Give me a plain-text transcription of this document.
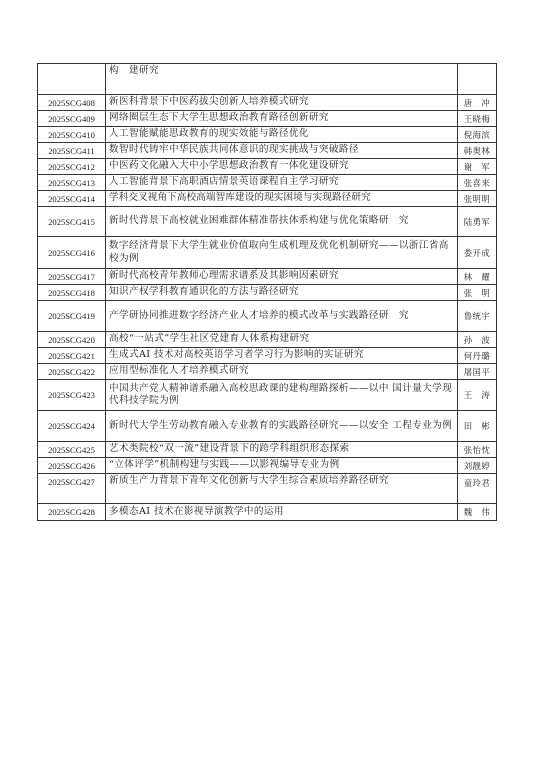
	构　建研究	
2025SCG408	新医科背景下中医药拔尖创新人培养模式研究	唐　冲
2025SCG409	网络圈层生态下大学生思想政治教育路径创新研究	王晓梅
2025SCG410	人工智能赋能思政教育的现实效能与路径优化	倪海滨
2025SCG411	数智时代铸牢中华民族共同体意识的现实挑战与突破路径	韩奥林
2025SCG412	中医药文化融入大中小学思想政治教育一体化建设研究	谢　军
2025SCG413	人工智能背景下高职酒店情景英语课程自主学习研究	张喜来
2025SCG414	学科交叉视角下高校高端智库建设的现实困境与实现路径研究	张明明
2025SCG415	新时代背景下高校就业困难群体精准帮扶体系构建与优化策略研　究	陆勇军
2025SCG416	数字经济背景下大学生就业价值取向生成机理及优化机制研究——以浙江省高校为例	娄开成
2025SCG417	新时代高校青年教师心理需求谱系及其影响因素研究	林　耀
2025SCG418	知识产权学科教育通识化的方法与路径研究	张　明
2025SCG419	产学研协同推进数字经济产业人才培养的模式改革与实践路径研　究	鲁统宇
2025SCG420	高校“一站式”学生社区党建育人体系构建研究	孙　波
2025SCG421	生成式AI 技术对高校英语学习者学习行为影响的实证研究	何丹璐
2025SCG422	应用型标准化人才培养模式研究	屠国平
2025SCG423	中国共产党人精神谱系融入高校思政课的建构理路探析——以中 国计量大学现代科技学院为例	王　涛
2025SCG424	新时代大学生劳动教育融入专业教育的实践路径研究——以安全 工程专业为例	田　彬
2025SCG425	艺术类院校“双一流”建设背景下的跨学科组织形态探索	张怡忱
2025SCG426	“立体评学”机制构建与实践——以影视编导专业为例	刘靓婷
2025SCG427	新质生产力背景下青年文化创新与大学生综合素质培养路径研究	童玲君
2025SCG428	多模态AI 技术在影视导演教学中的运用	魏　伟
